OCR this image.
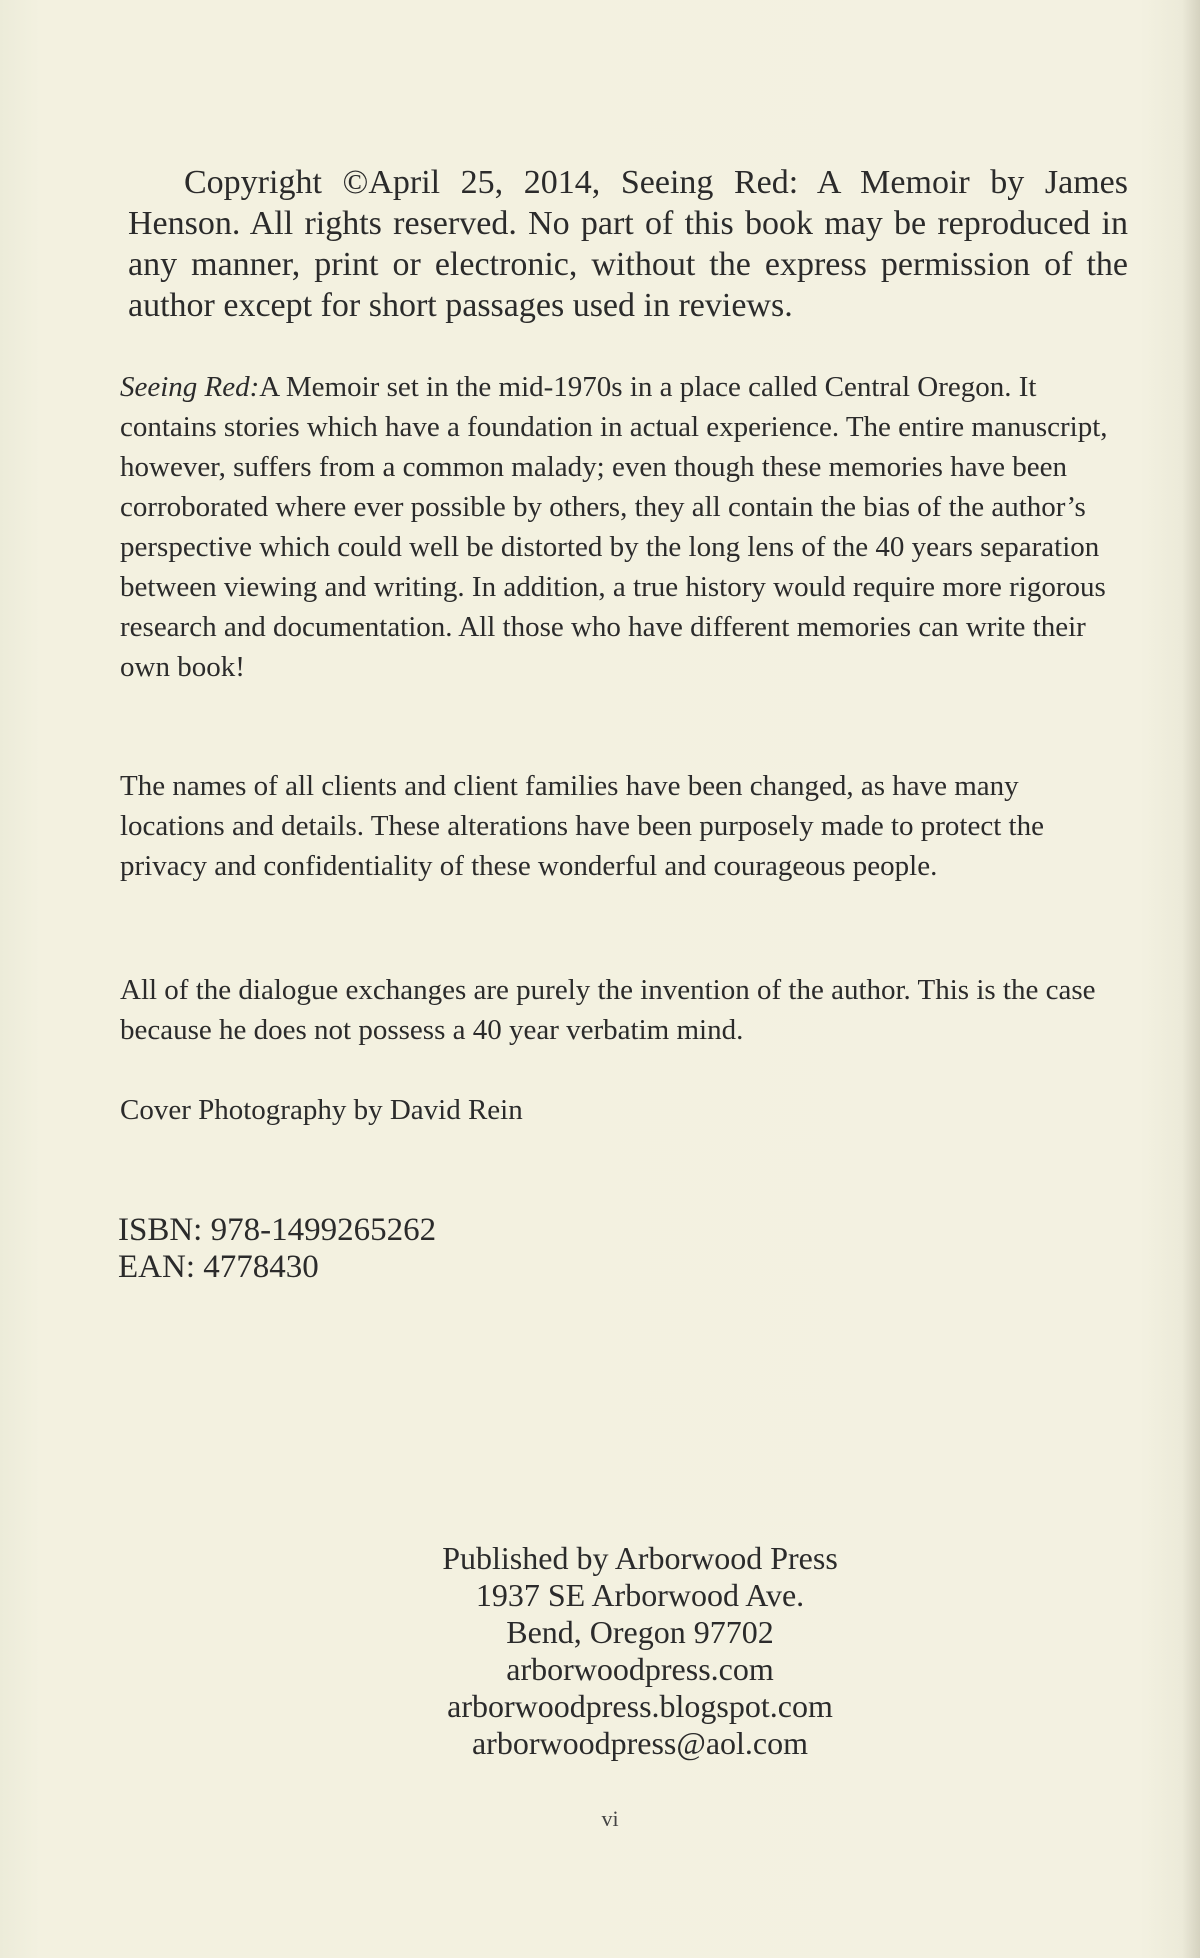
Copyright ©April 25, 2014, Seeing Red: A Memoir by James Henson. All rights reserved. No part of this book may be reproduced in any manner, print or electronic, without the express permission of the author except for short passages used in reviews.

Seeing Red:A Memoir set in the mid-1970s in a place called Central Oregon. It contains stories which have a foundation in actual experience. The entire manuscript, however, suffers from a common malady; even though these memories have been corroborated where ever possible by others, they all contain the bias of the author’s perspective which could well be distorted by the long lens of the 40 years separation between viewing and writing. In addition, a true history would require more rigorous research and documentation. All those who have different memories can write their own book!

The names of all clients and client families have been changed, as have many locations and details. These alterations have been purposely made to protect the privacy and confidentiality of these wonderful and courageous people.

All of the dialogue exchanges are purely the invention of the author. This is the case because he does not possess a 40 year verbatim mind.

Cover Photography by David Rein

ISBN: 978-1499265262
EAN: 4778430
Published by Arborwood Press
1937 SE Arborwood Ave.
Bend, Oregon 97702
arborwoodpress.com
arborwoodpress.blogspot.com
arborwoodpress@aol.com
vi
